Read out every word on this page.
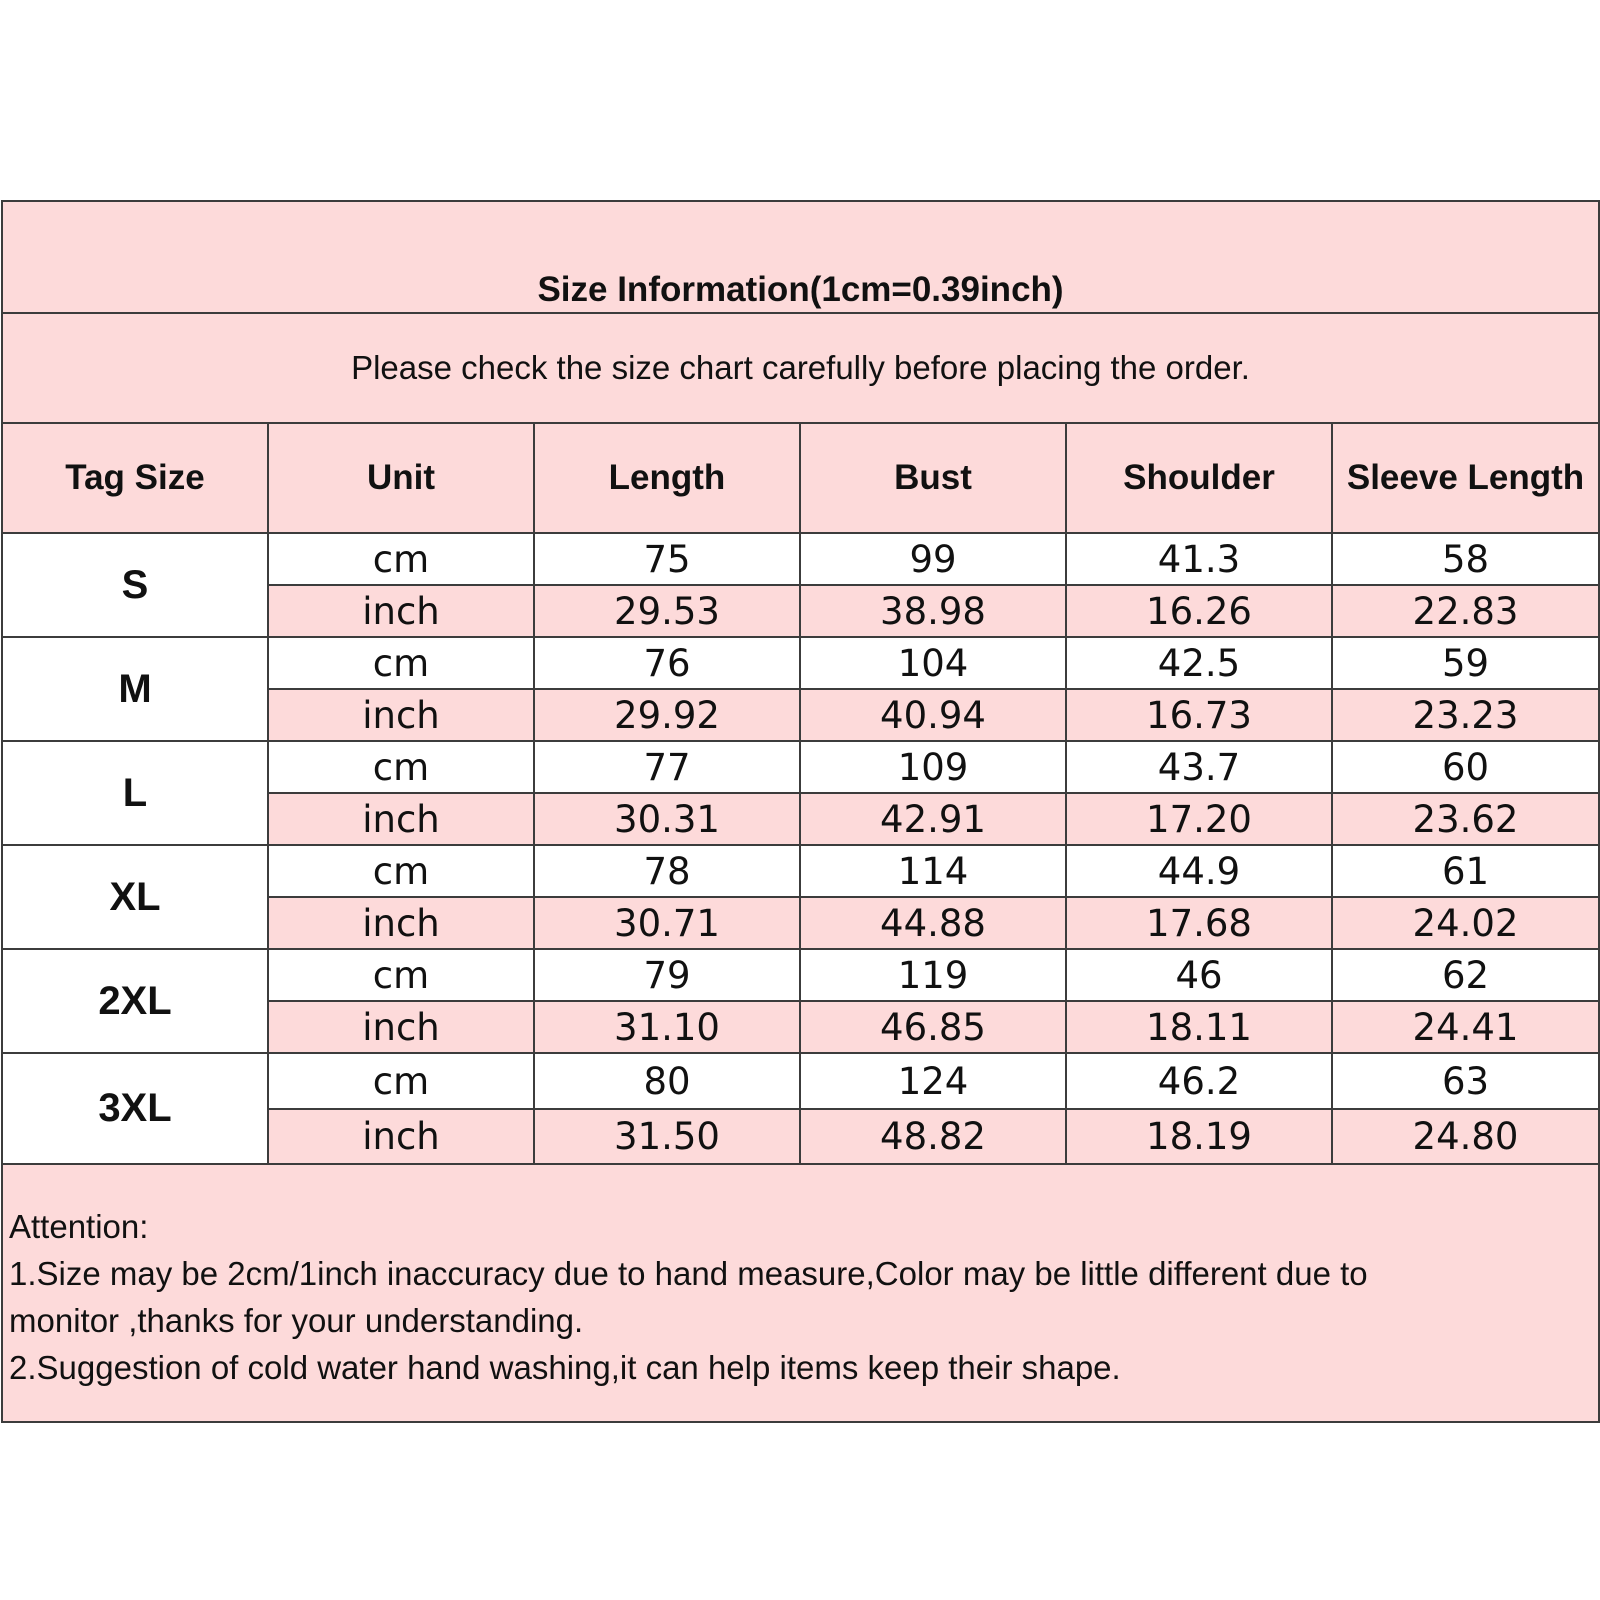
Size Information(1cm=0.39inch)					
Please check the size chart carefully before placing the order.					
Tag Size	Unit	Length	Bust	Shoulder	Sleeve Length
S	cm	75	99	41.3	58
	inch	29.53	38.98	16.26	22.83
M	cm	76	104	42.5	59
	inch	29.92	40.94	16.73	23.23
L	cm	77	109	43.7	60
	inch	30.31	42.91	17.20	23.62
XL	cm	78	114	44.9	61
	inch	30.71	44.88	17.68	24.02
2XL	cm	79	119	46	62
	inch	31.10	46.85	18.11	24.41
3XL	cm	80	124	46.2	63
	inch	31.50	48.82	18.19	24.80

Attention:
1.Size may be 2cm/1inch inaccuracy due to hand measure,Color may be little different due to
monitor ,thanks for your understanding.
2.Suggestion of cold water hand washing,it can help items keep their shape.					
